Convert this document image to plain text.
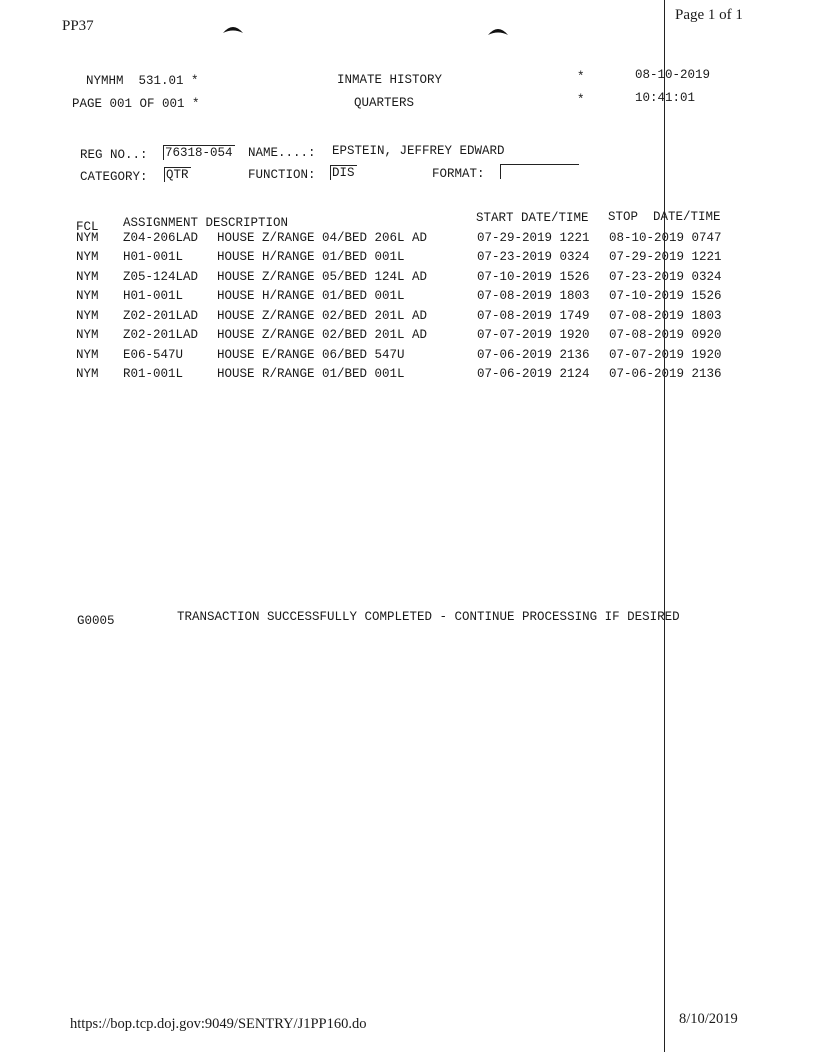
PP37
Page 1 of 1
NYMHM  531.01 *
PAGE 001 OF 001 *
INMATE HISTORY
QUARTERS
*
*
08-10-2019
10:41:01
REG NO..: 76318-054 NAME....: EPSTEIN, JEFFREY EDWARD
CATEGORY: QTR	FUNCTION: DIS	FORMAT:
FCL ASSIGNMENT DESCRIPTION	START DATE/TIME STOP  DATE/TIME
NYM	Z04-206LAD	HOUSE Z/RANGE 04/BED 206L AD	07-29-2019 1221	08-10-2019 0747
NYM	H01-001L	HOUSE H/RANGE 01/BED 001L	07-23-2019 0324	07-29-2019 1221
NYM	Z05-124LAD	HOUSE Z/RANGE 05/BED 124L AD	07-10-2019 1526	07-23-2019 0324
NYM	H01-001L	HOUSE H/RANGE 01/BED 001L	07-08-2019 1803	07-10-2019 1526
NYM	Z02-201LAD	HOUSE Z/RANGE 02/BED 201L AD	07-08-2019 1749	07-08-2019 1803
NYM	Z02-201LAD	HOUSE Z/RANGE 02/BED 201L AD	07-07-2019 1920	07-08-2019 0920
NYM	E06-547U	HOUSE E/RANGE 06/BED 547U	07-06-2019 2136	07-07-2019 1920
NYM	R01-001L	HOUSE R/RANGE 01/BED 001L	07-06-2019 2124	07-06-2019 2136
G0005	TRANSACTION SUCCESSFULLY COMPLETED - CONTINUE PROCESSING IF DESIRED
https://bop.tcp.doj.gov:9049/SENTRY/J1PP160.do	8/10/2019
